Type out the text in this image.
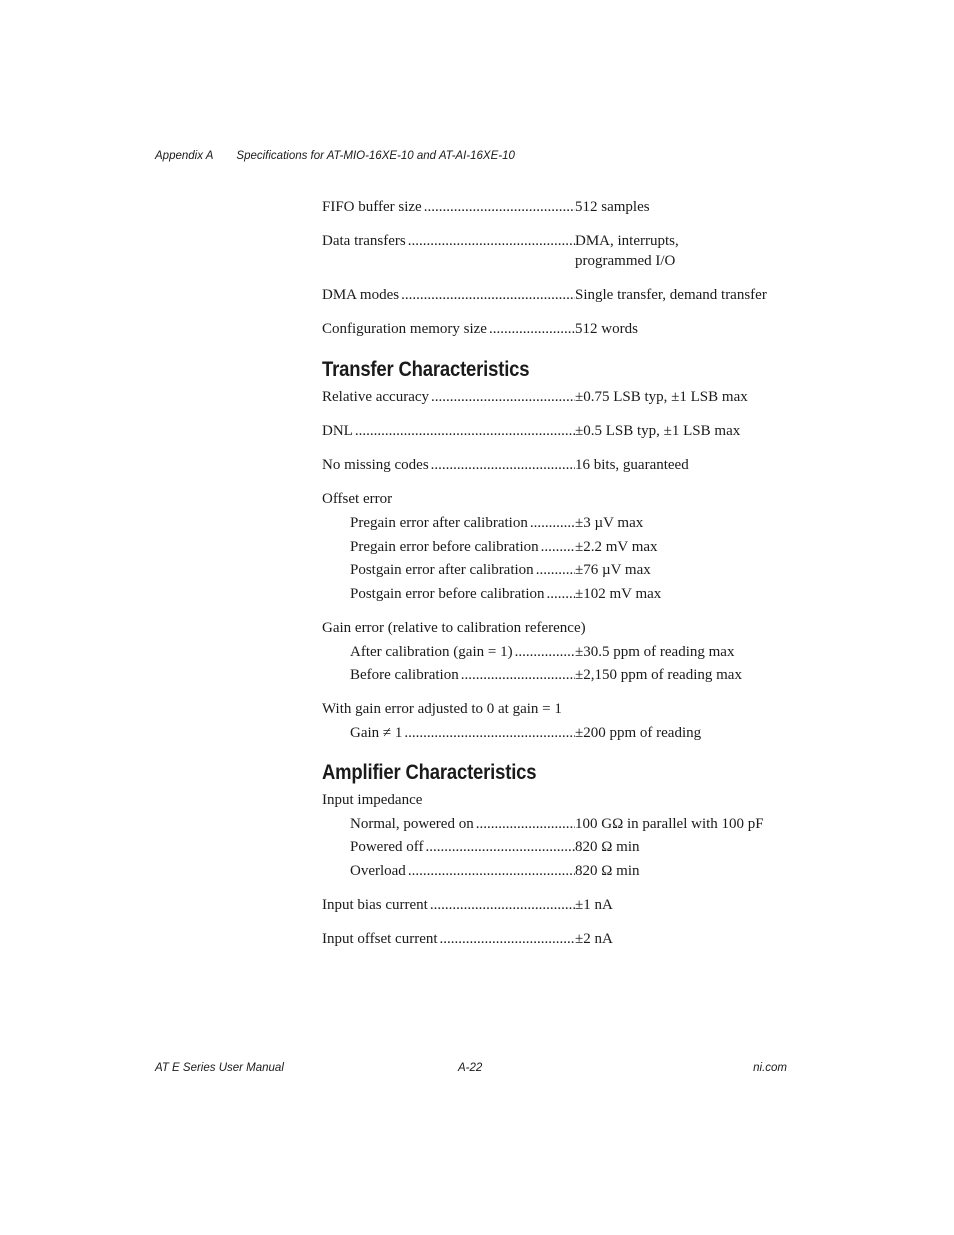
Appendix A Specifications for AT-MIO-16XE-10 and AT-AI-16XE-10
FIFO buffer size .....	512 samples
Data transfers .....	DMA, interrupts,
programmed I/O
DMA modes .....	Single transfer, demand transfer
Configuration memory size .....	512 words
Transfer Characteristics
Relative accuracy .....	±0.75 LSB typ, ±1 LSB max
DNL .....	±0.5 LSB typ, ±1 LSB max
No missing codes .....	16 bits, guaranteed
Offset error
Pregain error after calibration .....	±3 µV max
Pregain error before calibration ..... ±2.2 mV max
Postgain error after calibration .....	±76 µV max
Postgain error before calibration ..... ±102 mV max
Gain error (relative to calibration reference)
After calibration (gain = 1) .....	±30.5 ppm of reading max
Before calibration .....	±2,150 ppm of reading max
With gain error adjusted to 0 at gain = 1
Gain ≠ 1 .....	±200 ppm of reading
Amplifier Characteristics
Input impedance
Normal, powered on .....	100 GΩ in parallel with 100 pF
Powered off .....	820 Ω min
Overload .....	820 Ω min
Input bias current .....	±1 nA
Input offset current .....	±2 nA
AT E Series User Manual	A-22	ni.com
